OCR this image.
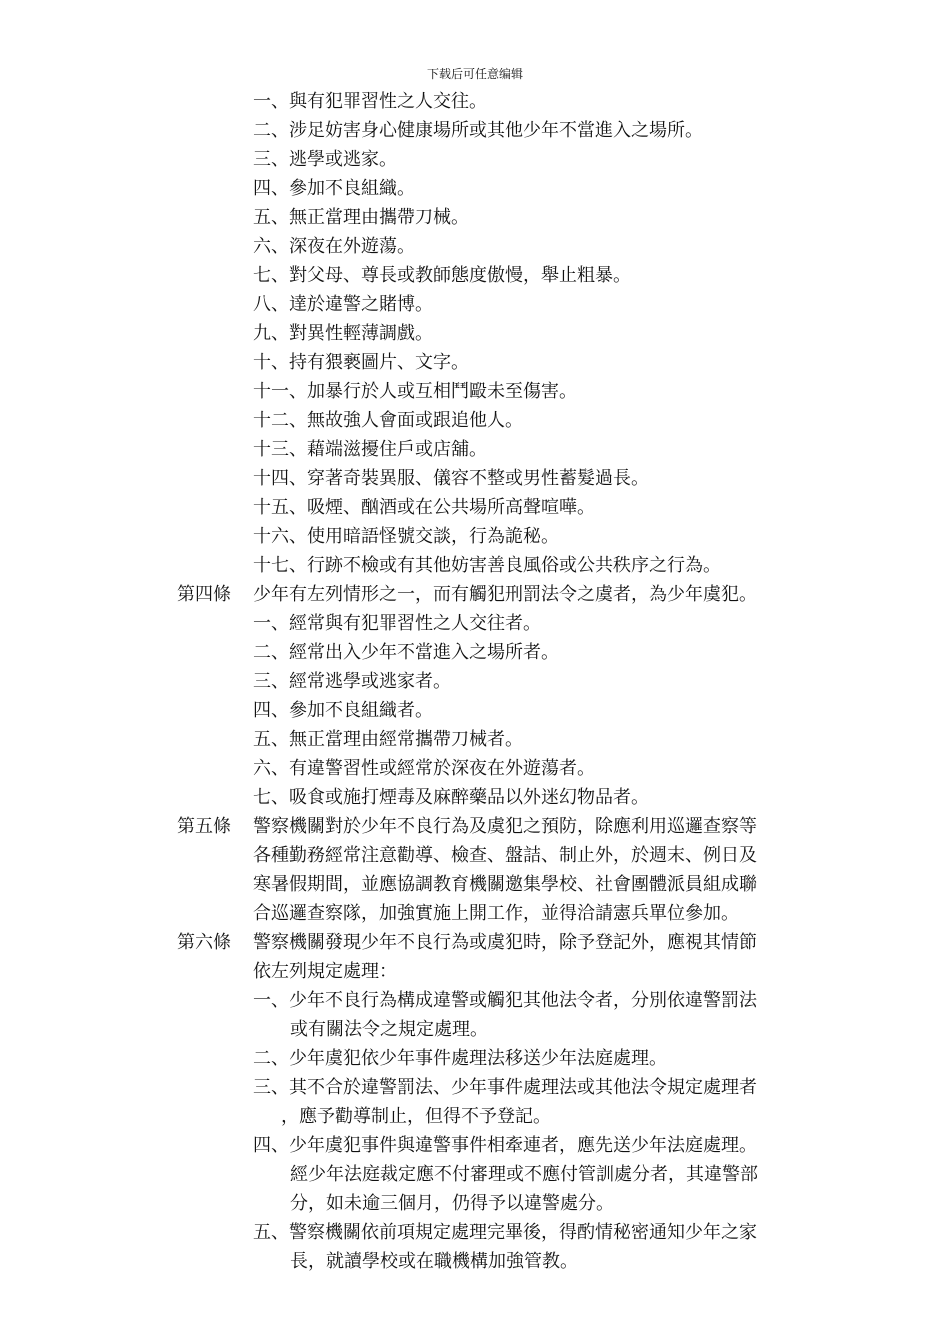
下载后可任意编辑
一、與有犯罪習性之人交往。
二、涉足妨害身心健康場所或其他少年不當進入之場所。
三、逃學或逃家。
四、參加不良組織。
五、無正當理由攜帶刀械。
六、深夜在外遊蕩。
七、對父母、尊長或教師態度傲慢，舉止粗暴。
八、達於違警之賭博。
九、對異性輕薄調戲。
十、持有猥褻圖片、文字。
十一、加暴行於人或互相鬥毆未至傷害。
十二、無故強人會面或跟追他人。
十三、藉端滋擾住戶或店舖。
十四、穿著奇裝異服、儀容不整或男性蓄髮過長。
十五、吸煙、酗酒或在公共場所高聲喧嘩。
十六、使用暗語怪號交談，行為詭秘。
十七、行跡不檢或有其他妨害善良風俗或公共秩序之行為。
第四條 少年有左列情形之一，而有觸犯刑罰法令之虞者，為少年虞犯。
一、經常與有犯罪習性之人交往者。
二、經常出入少年不當進入之場所者。
三、經常逃學或逃家者。
四、參加不良組織者。
五、無正當理由經常攜帶刀械者。
六、有違警習性或經常於深夜在外遊蕩者。
七、吸食或施打煙毒及麻醉藥品以外迷幻物品者。
第五條 警察機關對於少年不良行為及虞犯之預防，除應利用巡邏查察等
各種勤務經常注意勸導、檢查、盤詰、制止外，於週末、例日及
寒暑假期間，並應協調教育機關邀集學校、社會團體派員組成聯
合巡邏查察隊，加強實施上開工作，並得洽請憲兵單位參加。
第六條 警察機關發現少年不良行為或虞犯時，除予登記外，應視其情節
依左列規定處理：
一、少年不良行為構成違警或觸犯其他法令者，分別依違警罰法
或有關法令之規定處理。
二、少年虞犯依少年事件處理法移送少年法庭處理。
三、其不合於違警罰法、少年事件處理法或其他法令規定處理者
，應予勸導制止，但得不予登記。
四、少年虞犯事件與違警事件相牽連者，應先送少年法庭處理。
經少年法庭裁定應不付審理或不應付管訓處分者，其違警部
分，如未逾三個月，仍得予以違警處分。
五、警察機關依前項規定處理完畢後，得酌情秘密通知少年之家
長，就讀學校或在職機構加強管教。
